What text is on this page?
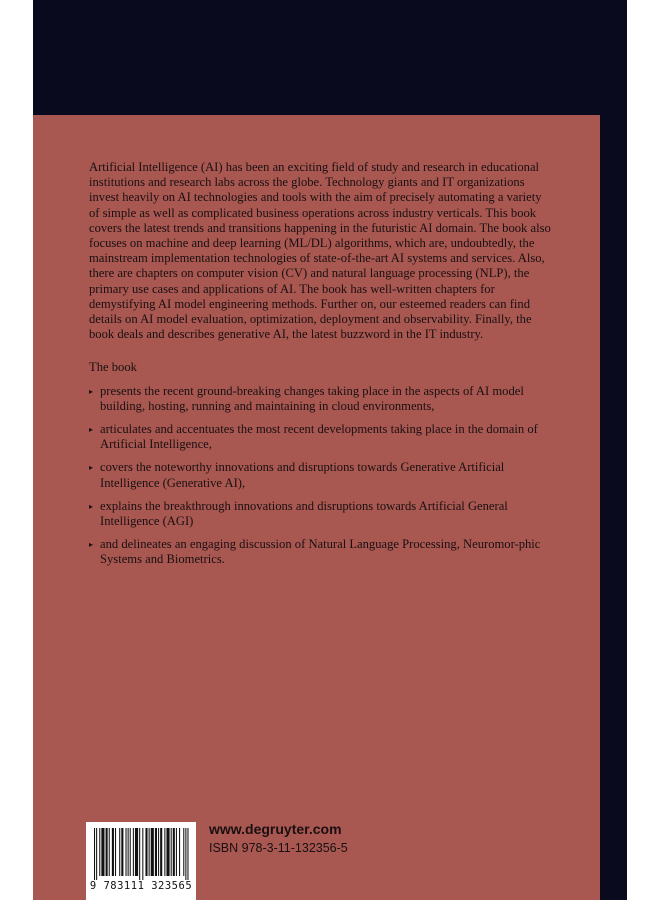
Artificial Intelligence (AI) has been an exciting field of study and research in educational institutions and research labs across the globe. Technology giants and IT organizations invest heavily on AI technologies and tools with the aim of precisely automating a variety of simple as well as complicated business operations across industry verticals. This book covers the latest trends and transitions happening in the futuristic AI domain. The book also focuses on machine and deep learning (ML/DL) algorithms, which are, undoubtedly, the mainstream implementation technologies of state-of-the-art AI systems and services. Also, there are chapters on computer vision (CV) and natural language processing (NLP), the primary use cases and applications of AI. The book has well-written chapters for demystifying AI model engineering methods. Further on, our esteemed readers can find details on AI model evaluation, optimization, deployment and observability. Finally, the book deals and describes generative AI, the latest buzzword in the IT industry.

The book

▸ presents the recent ground-breaking changes taking place in the aspects of AI model building, hosting, running and maintaining in cloud environments,
▸ articulates and accentuates the most recent developments taking place in the domain of Artificial Intelligence,
▸ covers the noteworthy innovations and disruptions towards Generative Artificial Intelligence (Generative AI),
▸ explains the breakthrough innovations and disruptions towards Artificial General Intelligence (AGI)
▸ and delineates an engaging discussion of Natural Language Processing, Neuromor-phic Systems and Biometrics.
9 783111 323565
www.degruyter.com
ISBN 978-3-11-132356-5
